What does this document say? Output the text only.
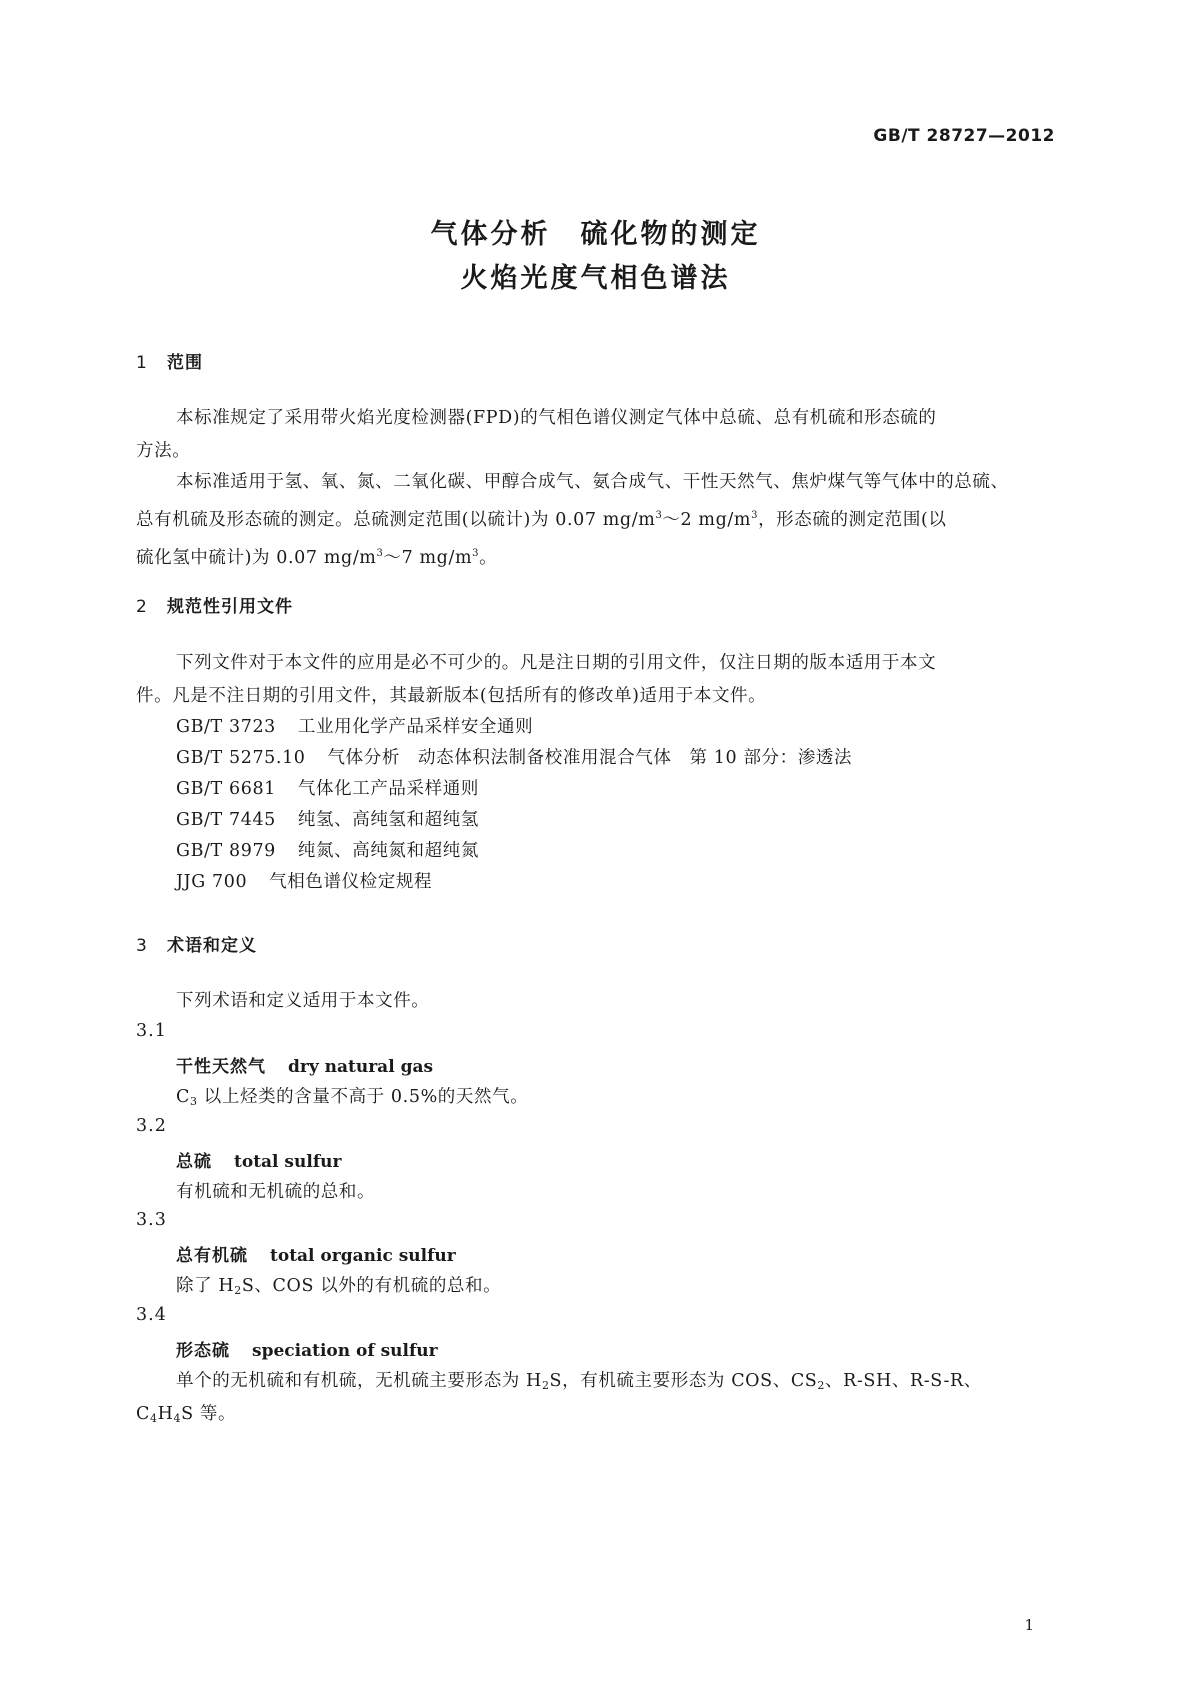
GB/T 28727—2012
气体分析　硫化物的测定
火焰光度气相色谱法
1 范围
本标准规定了采用带火焰光度检测器(FPD)的气相色谱仪测定气体中总硫、总有机硫和形态硫的
方法。
本标准适用于氢、氧、氮、二氧化碳、甲醇合成气、氨合成气、干性天然气、焦炉煤气等气体中的总硫、
总有机硫及形态硫的测定。总硫测定范围(以硫计)为 0.07 $mg/m^3\sim 2$ $mg/m^3$，形态硫的测定范围(以
硫化氢中硫计)为 0.07 $mg/m^3\sim 7$ $mg/m^3$。
2 规范性引用文件
下列文件对于本文件的应用是必不可少的。凡是注日期的引用文件，仅注日期的版本适用于本文
件。凡是不注日期的引用文件，其最新版本(包括所有的修改单)适用于本文件。
GB/T 3723 工业用化学产品采样安全通则
GB/T 5275.10 气体分析　动态体积法制备校准用混合气体　第 10 部分：渗透法
GB/T 6681 气体化工产品采样通则
GB/T 7445 纯氢、高纯氢和超纯氢
GB/T 8979 纯氮、高纯氮和超纯氮
JJG 700 气相色谱仪检定规程
3 术语和定义
下列术语和定义适用于本文件。
3.1
干性天然气 dry natural gas
$C_3$ 以上烃类的含量不高于 0.5%的天然气。
3.2
总硫 total sulfur
有机硫和无机硫的总和。
3.3
总有机硫 total organic sulfur
除了 $H_2S$、COS 以外的有机硫的总和。
3.4
形态硫 speciation of sulfur
单个的无机硫和有机硫，无机硫主要形态为 $H_2S$，有机硫主要形态为 COS、$CS_2$、R-SH、R-S-R、
$C_4H_4S$ 等。
1
